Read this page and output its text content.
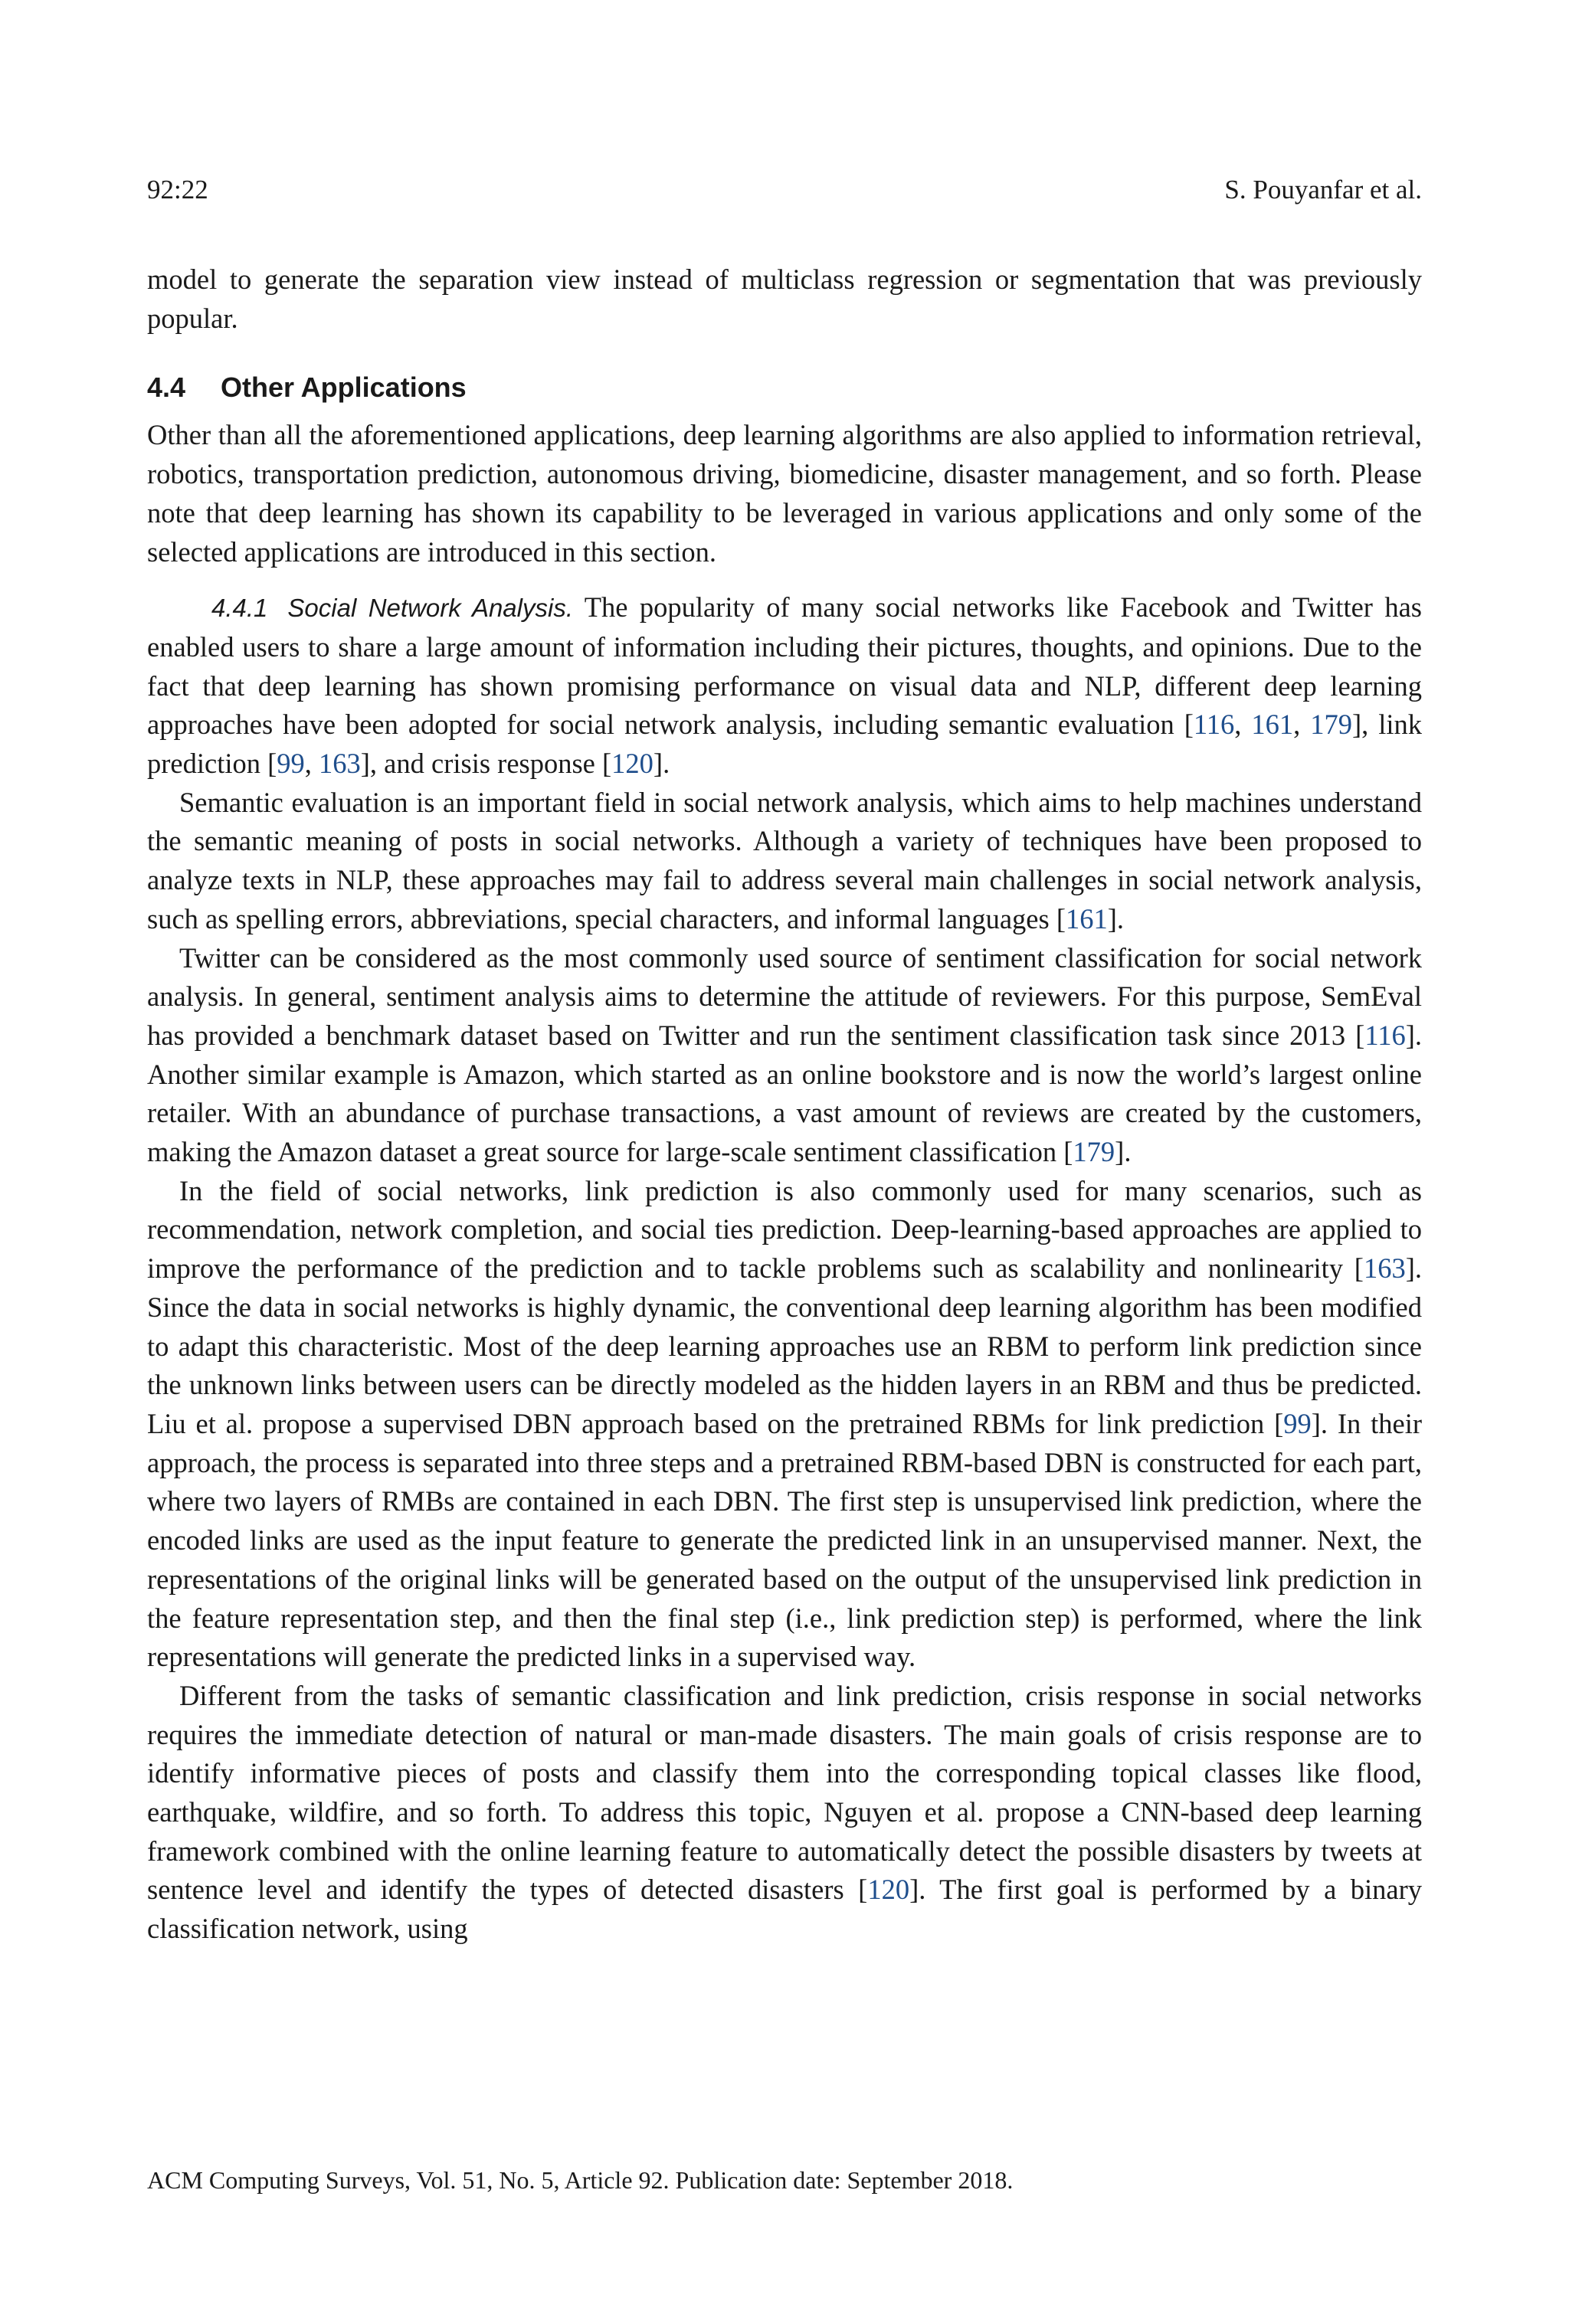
92:22	S. Pouyanfar et al.

model to generate the separation view instead of multiclass regression or segmentation that was previously popular.

4.4 Other Applications

Other than all the aforementioned applications, deep learning algorithms are also applied to information retrieval, robotics, transportation prediction, autonomous driving, biomedicine, disaster management, and so forth. Please note that deep learning has shown its capability to be leveraged in various applications and only some of the selected applications are introduced in this section.

4.4.1 Social Network Analysis. The popularity of many social networks like Facebook and Twitter has enabled users to share a large amount of information including their pictures, thoughts, and opinions. Due to the fact that deep learning has shown promising performance on visual data and NLP, different deep learning approaches have been adopted for social network analysis, including semantic evaluation [116, 161, 179], link prediction [99, 163], and crisis response [120].

Semantic evaluation is an important field in social network analysis, which aims to help machines understand the semantic meaning of posts in social networks. Although a variety of techniques have been proposed to analyze texts in NLP, these approaches may fail to address several main challenges in social network analysis, such as spelling errors, abbreviations, special characters, and informal languages [161].

Twitter can be considered as the most commonly used source of sentiment classification for social network analysis. In general, sentiment analysis aims to determine the attitude of reviewers. For this purpose, SemEval has provided a benchmark dataset based on Twitter and run the sentiment classification task since 2013 [116]. Another similar example is Amazon, which started as an online bookstore and is now the world’s largest online retailer. With an abundance of purchase transactions, a vast amount of reviews are created by the customers, making the Amazon dataset a great source for large-scale sentiment classification [179].

In the field of social networks, link prediction is also commonly used for many scenarios, such as recommendation, network completion, and social ties prediction. Deep-learning-based approaches are applied to improve the performance of the prediction and to tackle problems such as scalability and nonlinearity [163]. Since the data in social networks is highly dynamic, the conventional deep learning algorithm has been modified to adapt this characteristic. Most of the deep learning approaches use an RBM to perform link prediction since the unknown links between users can be directly modeled as the hidden layers in an RBM and thus be predicted. Liu et al. propose a supervised DBN approach based on the pretrained RBMs for link prediction [99]. In their approach, the process is separated into three steps and a pretrained RBM-based DBN is constructed for each part, where two layers of RMBs are contained in each DBN. The first step is unsupervised link prediction, where the encoded links are used as the input feature to generate the predicted link in an unsupervised manner. Next, the representations of the original links will be generated based on the output of the unsupervised link prediction in the feature representation step, and then the final step (i.e., link prediction step) is performed, where the link representations will generate the predicted links in a supervised way.

Different from the tasks of semantic classification and link prediction, crisis response in social networks requires the immediate detection of natural or man-made disasters. The main goals of crisis response are to identify informative pieces of posts and classify them into the corresponding topical classes like flood, earthquake, wildfire, and so forth. To address this topic, Nguyen et al. propose a CNN-based deep learning framework combined with the online learning feature to automatically detect the possible disasters by tweets at sentence level and identify the types of detected disasters [120]. The first goal is performed by a binary classification network, using

ACM Computing Surveys, Vol. 51, No. 5, Article 92. Publication date: September 2018.
